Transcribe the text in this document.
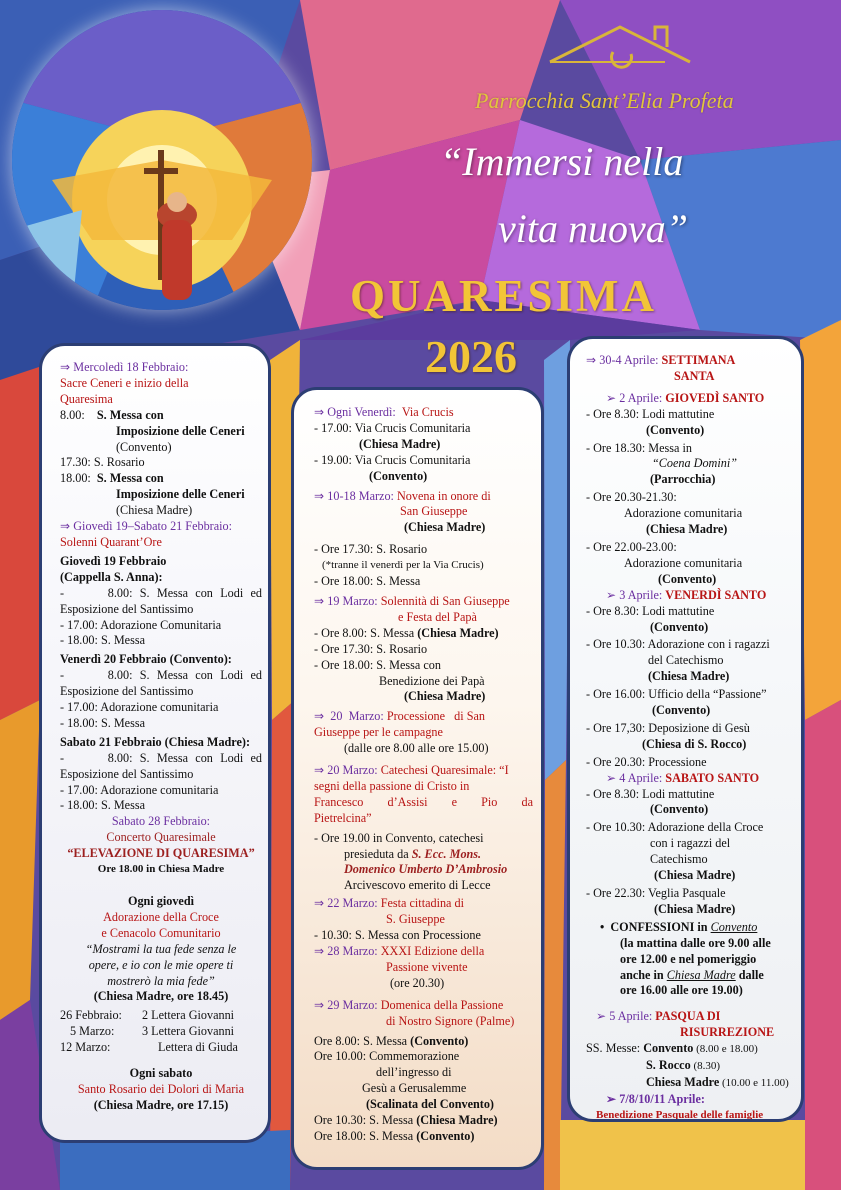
Parrocchia Sant’Elia Profeta
“Immersi nella
vita nuova”
QUARESIMA
2026
⇒ Mercoledì 18 Febbraio:
Sacre Ceneri e inizio della
Quaresima
8.00: S. Messa con
Imposizione delle Ceneri
(Convento)
17.30: S. Rosario
18.00: S. Messa con
Imposizione delle Ceneri
(Chiesa Madre)
⇒ Giovedì 19–Sabato 21 Febbraio:
Solenni Quarant’Ore
Giovedì 19 Febbraio
(Cappella S. Anna):
-      8.00: S. Messa con Lodi ed
Esposizione del Santissimo
- 17.00: Adorazione Comunitaria
- 18.00: S. Messa
Venerdì 20 Febbraio (Convento):
-      8.00: S. Messa con Lodi ed
Esposizione del Santissimo
- 17.00: Adorazione comunitaria
- 18.00: S. Messa
Sabato 21 Febbraio (Chiesa Madre):
-      8.00: S. Messa con Lodi ed
Esposizione del Santissimo
- 17.00: Adorazione comunitaria
- 18.00: S. Messa
Sabato 28 Febbraio:
Concerto Quaresimale
“ELEVAZIONE DI QUARESIMA”
Ore 18.00 in Chiesa Madre
Ogni giovedì
Adorazione della Croce
e Cenacolo Comunitario
“Mostrami la tua fede senza le
opere, e io con le mie opere ti
mostrerò la mia fede”
(Chiesa Madre, ore 18.45)
26 Febbraio: 2 Lettera Giovanni
5 Marzo: 3 Lettera Giovanni
12 Marzo:	Lettera di Giuda
Ogni sabato
Santo Rosario dei Dolori di Maria
(Chiesa Madre, ore 17.15)
⇒ Ogni Venerdì: Via Crucis
- 17.00: Via Crucis Comunitaria
(Chiesa Madre)
- 19.00: Via Crucis Comunitaria
(Convento)
⇒ 10-18 Marzo: Novena in onore di
San Giuseppe
(Chiesa Madre)
- Ore 17.30: S. Rosario
(*tranne il venerdì per la Via Crucis)
- Ore 18.00: S. Messa
⇒ 19 Marzo: Solennità di San Giuseppe
e Festa del Papà
- Ore 8.00: S. Messa (Chiesa Madre)
- Ore 17.30: S. Rosario
- Ore 18.00: S. Messa con
Benedizione dei Papà
(Chiesa Madre)
⇒  20  Marzo: Processione   di San
Giuseppe per le campagne
(dalle ore 8.00 alle ore 15.00)
⇒ 20 Marzo: Catechesi Quaresimale: “I
segni della passione di Cristo in
Francesco d’Assisi e Pio da
Pietrelcina”
- Ore 19.00 in Convento, catechesi
presieduta da S. Ecc. Mons.
Domenico Umberto D’Ambrosio
Arcivescovo emerito di Lecce
⇒ 22 Marzo: Festa cittadina di
S. Giuseppe
- 10.30: S. Messa con Processione
⇒ 28 Marzo: XXXI Edizione della
Passione vivente
(ore 20.30)
⇒ 29 Marzo: Domenica della Passione
di Nostro Signore (Palme)
Ore 8.00: S. Messa (Convento)
Ore 10.00: Commemorazione
dell’ingresso di
Gesù a Gerusalemme
(Scalinata del Convento)
Ore 10.30: S. Messa (Chiesa Madre)
Ore 18.00: S. Messa (Convento)
⇒ 30-4 Aprile: SETTIMANA
SANTA
➢ 2 Aprile: GIOVEDÌ SANTO
- Ore 8.30: Lodi mattutine
(Convento)
- Ore 18.30: Messa in
“Coena Domini”
(Parrocchia)
- Ore 20.30-21.30:
Adorazione comunitaria
(Chiesa Madre)
- Ore 22.00-23.00:
Adorazione comunitaria
(Convento)
➢ 3 Aprile: VENERDÌ SANTO
- Ore 8.30: Lodi mattutine
(Convento)
- Ore 10.30: Adorazione con i ragazzi
del Catechismo
(Chiesa Madre)
- Ore 16.00: Ufficio della “Passione”
(Convento)
- Ore 17,30: Deposizione di Gesù
(Chiesa di S. Rocco)
- Ore 20.30: Processione
➢ 4 Aprile: SABATO SANTO
- Ore 8.30: Lodi mattutine
(Convento)
- Ore 10.30: Adorazione della Croce
con i ragazzi del
Catechismo
(Chiesa Madre)
- Ore 22.30: Veglia Pasquale
(Chiesa Madre)
•  CONFESSIONI in Convento
(la mattina dalle ore 9.00 alle
ore 12.00 e nel pomeriggio
anche in Chiesa Madre dalle
ore 16.00 alle ore 19.00)
➢ 5 Aprile: PASQUA DI
RISURREZIONE
SS. Messe: Convento (8.00 e 18.00)
S. Rocco (8.30)
Chiesa Madre (10.00 e 11.00)
➢ 7/8/10/11 Aprile:
Benedizione Pasquale delle famiglie
